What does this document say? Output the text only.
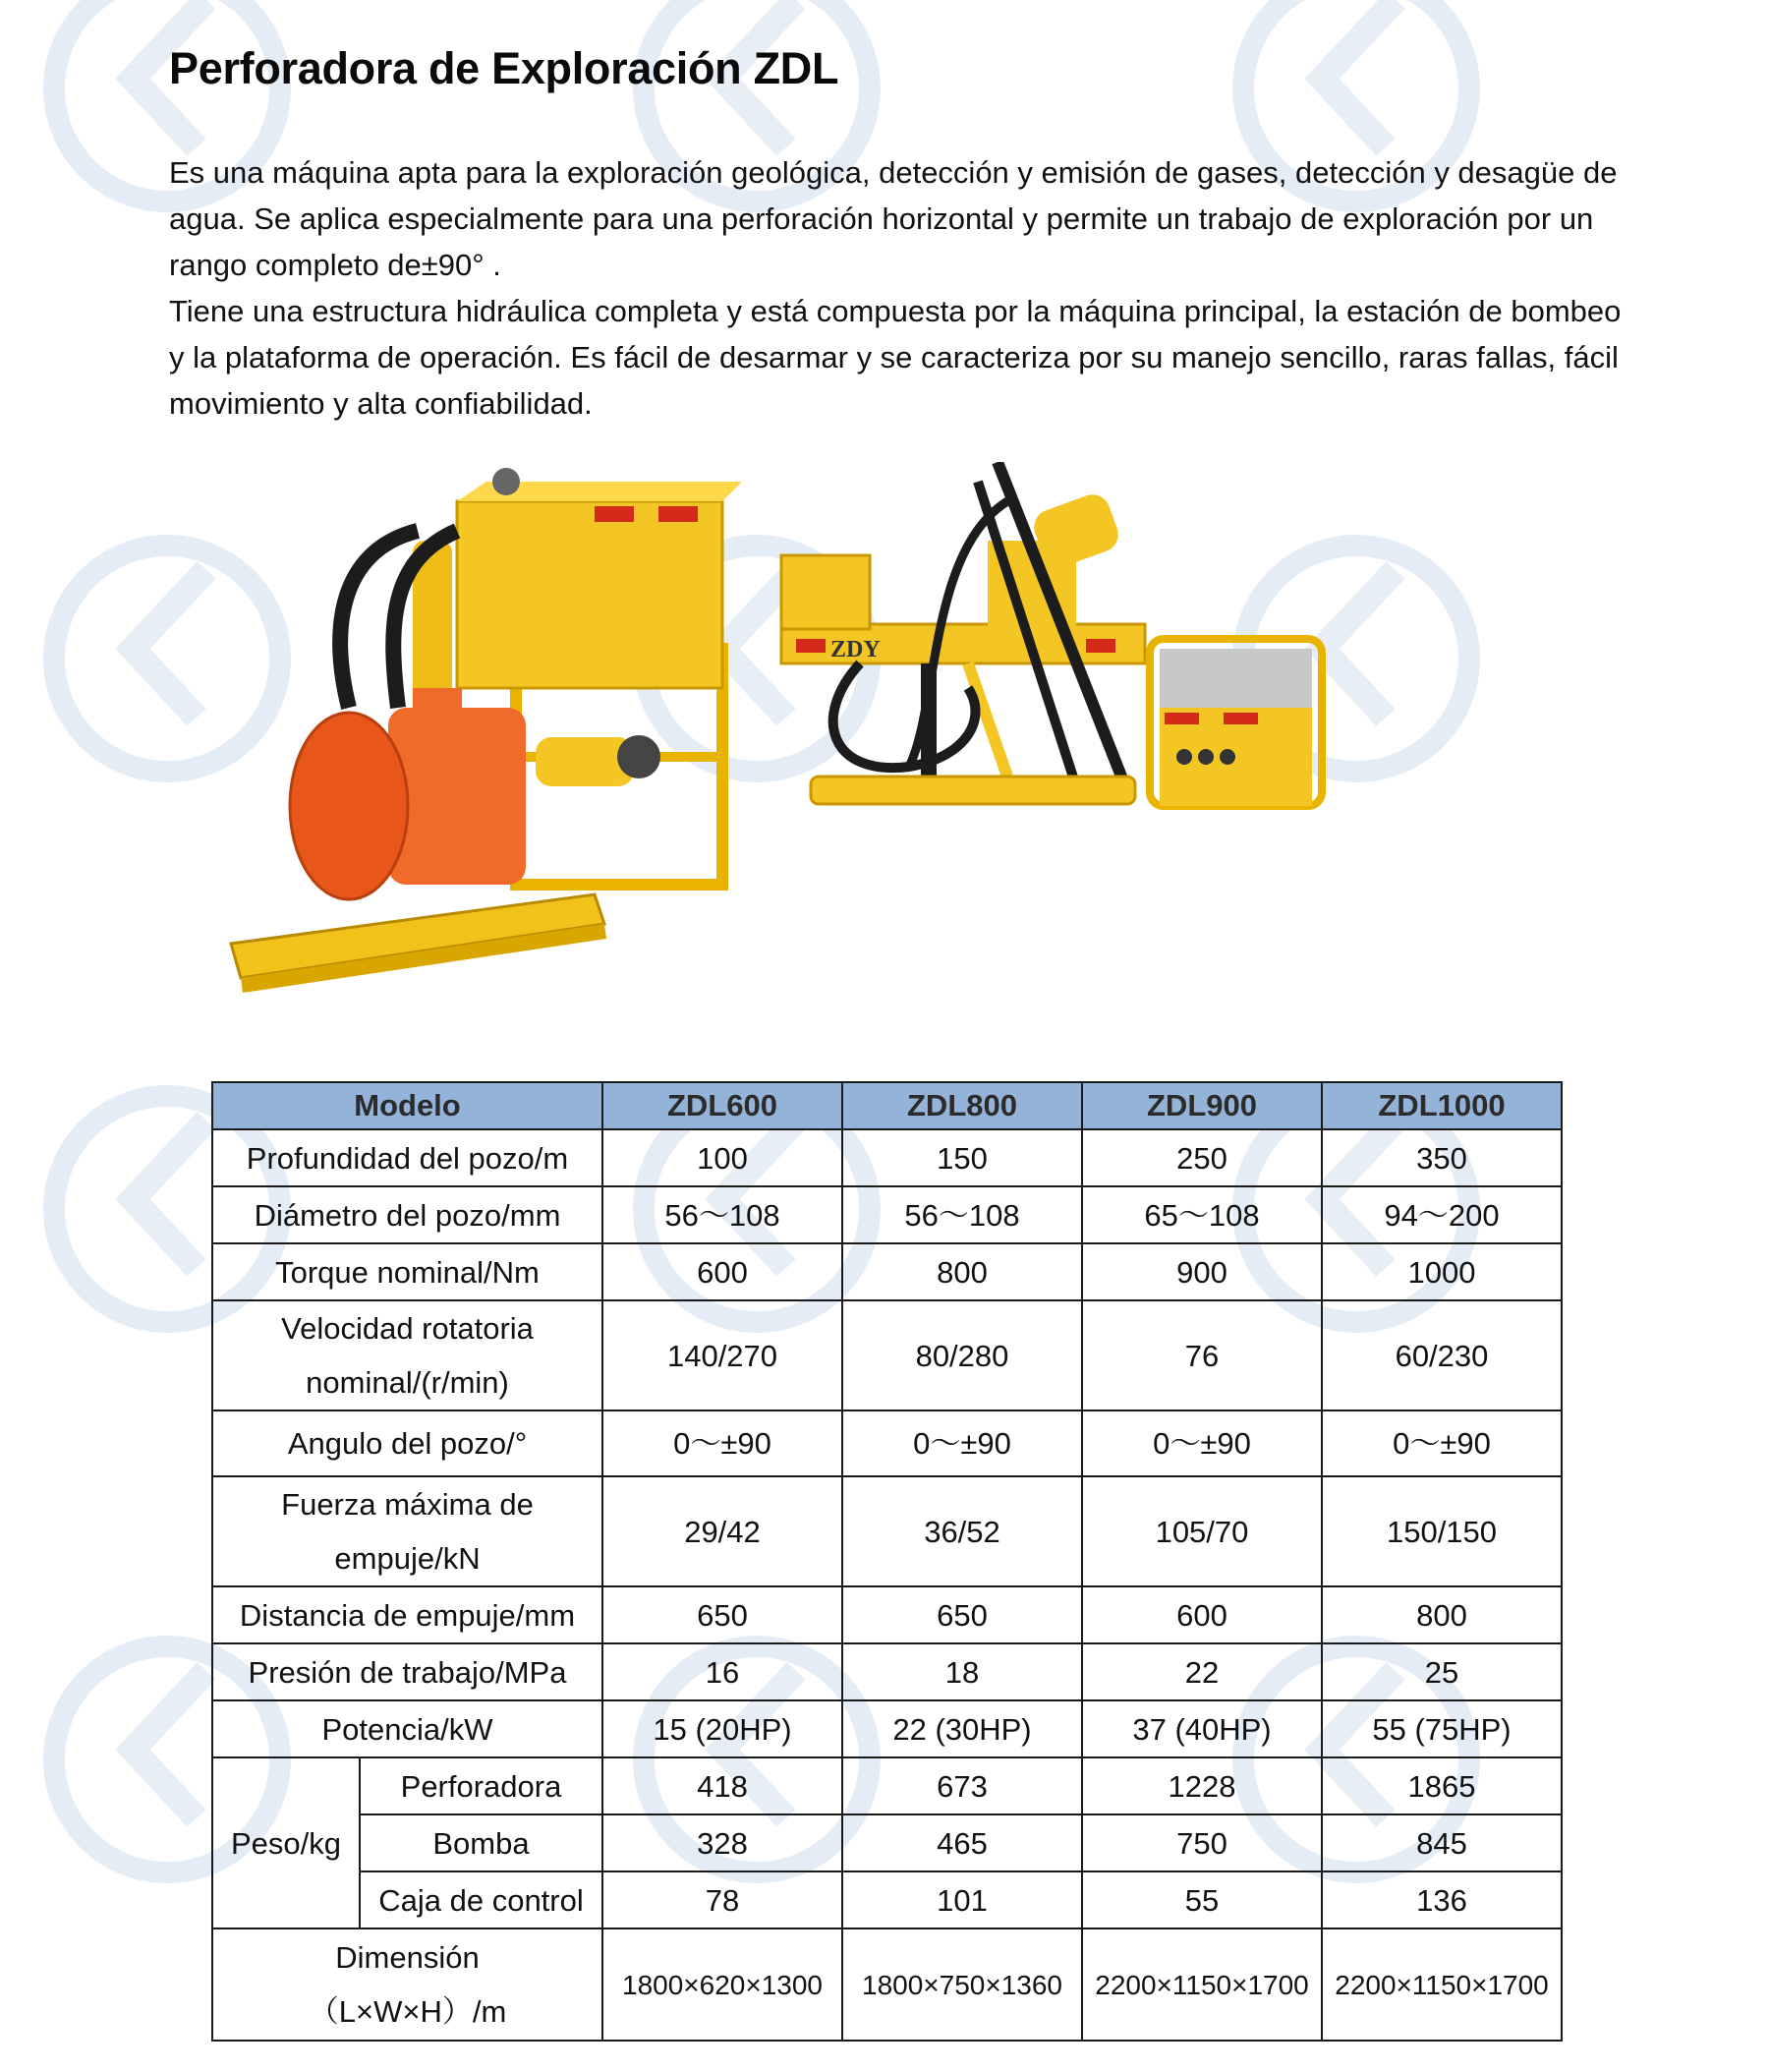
Perforadora de Exploración ZDL

Es una máquina apta para la exploración geológica, detección y emisión de gases, detección y desagüe de agua. Se aplica especialmente para una perforación horizontal y permite un trabajo de exploración por un rango completo de±90° .

Tiene una estructura hidráulica completa y está compuesta por la máquina principal, la estación de bombeo y la plataforma de operación. Es fácil de desarmar y se caracteriza por su manejo sencillo, raras fallas, fácil movimiento y alta confiabilidad.

ZDY
Modelo		ZDL600	ZDL800	ZDL900	ZDL1000
Profundidad del pozo/m		100	150	250	350
Diámetro del pozo/mm		56～108	56～108	65～108	94～200
Torque nominal/Nm		600	800	900	1000

Velocidad rotatoria
nominal/(r/min)		140/270	80/280	76	60/230
Angulo del pozo/°		0～±90	0～±90	0～±90	0～±90

Fuerza máxima de
empuje/kN		29/42	36/52	105/70	150/150
Distancia de empuje/mm		650	650	600	800
Presión de trabajo/MPa		16	18	22	25
Potencia/kW		15 (20HP)	22 (30HP)	37 (40HP)	55 (75HP)
Peso/kg	Perforadora	418	673	1228	1865
	Bomba	328	465	750	845
	Caja de control	78	101	55	136

Dimensión
（L×W×H）/m		1800×620×1300	1800×750×1360	2200×1150×1700	2200×1150×1700
